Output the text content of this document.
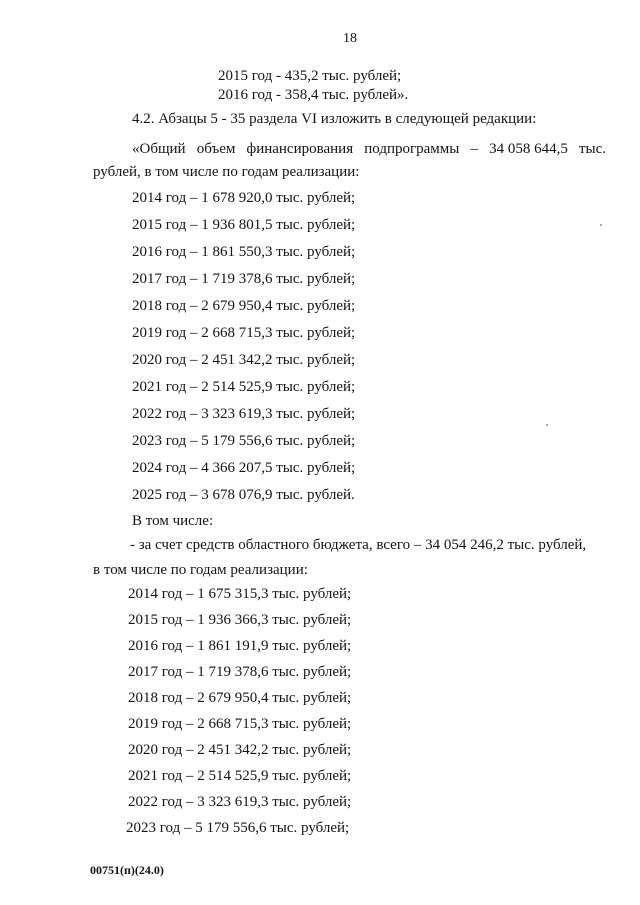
18
2015 год - 435,2 тыс. рублей;
2016 год - 358,4 тыс. рублей».
4.2. Абзацы 5 - 35 раздела VI изложить в следующей редакции:
«Общий объем финансирования подпрограммы – 34 058 644,5 тыс.
рублей, в том числе по годам реализации:
2014 год – 1 678 920,0 тыс. рублей;
2015 год – 1 936 801,5 тыс. рублей;
2016 год – 1 861 550,3 тыс. рублей;
2017 год – 1 719 378,6 тыс. рублей;
2018 год – 2 679 950,4 тыс. рублей;
2019 год – 2 668 715,3 тыс. рублей;
2020 год – 2 451 342,2 тыс. рублей;
2021 год – 2 514 525,9 тыс. рублей;
2022 год – 3 323 619,3 тыс. рублей;
2023 год – 5 179 556,6 тыс. рублей;
2024 год – 4 366 207,5 тыс. рублей;
2025 год – 3 678 076,9 тыс. рублей.
В том числе:
- за счет средств областного бюджета, всего – 34 054 246,2 тыс. рублей,
в том числе по годам реализации:
2014 год – 1 675 315,3 тыс. рублей;
2015 год – 1 936 366,3 тыс. рублей;
2016 год – 1 861 191,9 тыс. рублей;
2017 год – 1 719 378,6 тыс. рублей;
2018 год – 2 679 950,4 тыс. рублей;
2019 год – 2 668 715,3 тыс. рублей;
2020 год – 2 451 342,2 тыс. рублей;
2021 год – 2 514 525,9 тыс. рублей;
2022 год – 3 323 619,3 тыс. рублей;
2023 год – 5 179 556,6 тыс. рублей;
00751(п)(24.0)
